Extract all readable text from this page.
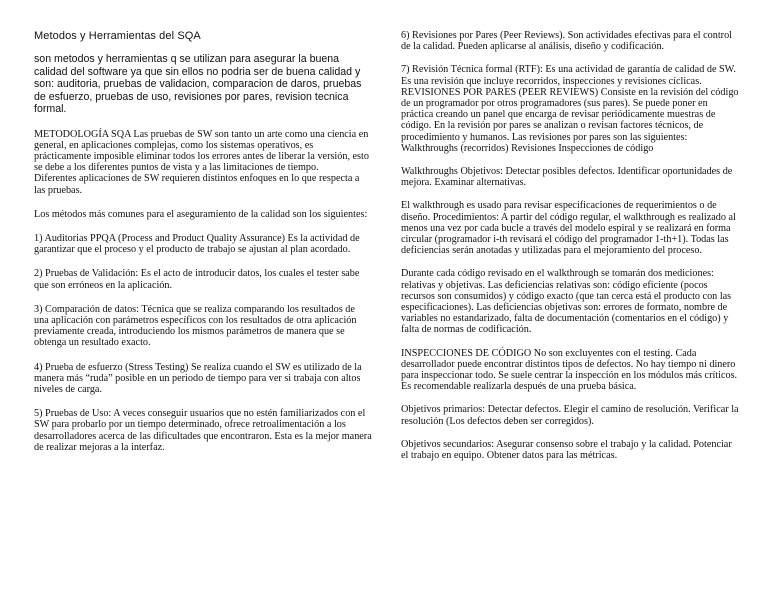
Metodos y Herramientas del SQA

son metodos y herramientas q se utilizan para asegurar la buena calidad del software ya que sin ellos no podria ser de buena calidad y son: auditoria, pruebas de validacion, comparacion de daros, pruebas de esfuerzo, pruebas de uso, revisiones por pares, revision tecnica formal.

METODOLOGÍA SQA Las pruebas de SW son tanto un arte como una ciencia en general, en aplicaciones complejas, como los sistemas operativos, es prácticamente imposible eliminar todos los errores antes de liberar la versión, esto se debe a los diferentes puntos de vista y a las limitaciones de tiempo.

Diferentes aplicaciones de SW requieren distintos enfoques en lo que respecta a las pruebas.

Los métodos más comunes para el aseguramiento de la calidad son los siguientes:

1) Auditorias PPQA (Process and Product Quality Assurance) Es la actividad de garantizar que el proceso y el producto de trabajo se ajustan al plan acordado.

2) Pruebas de Validación: Es el acto de introducir datos, los cuales el tester sabe que son erróneos en la aplicación.

3) Comparación de datos: Técnica que se realiza comparando los resultados de una aplicación con parámetros específicos con los resultados de otra aplicación previamente creada, introduciendo los mismos parámetros de manera que se obtenga un resultado exacto.

4) Prueba de esfuerzo (Stress Testing) Se realiza cuando el SW es utilizado de la manera más “ruda” posible en un periodo de tiempo para ver si trabaja con altos niveles de carga.

5) Pruebas de Uso: A veces conseguir usuarios que no estén familiarizados con el SW para probarlo por un tiempo determinado, ofrece retroalimentación a los desarrolladores acerca de las dificultades que encontraron. Esta es la mejor manera de realizar mejoras a la interfaz.

6) Revisiones por Pares (Peer Reviews). Son actividades efectivas para el control de la calidad. Pueden aplicarse al análisis, diseño y codificación.

7) Revisión Técnica formal (RTF): Es una actividad de garantía de calidad de SW. Es una revisión que incluye recorridos, inspecciones y revisiones cíclicas. REVISIONES POR PARES (PEER REVIEWS) Consiste en la revisión del código de un programador por otros programadores (sus pares). Se puede poner en práctica creando un panel que encarga de revisar periódicamente muestras de código. En la revisión por pares se analizan o revisan factores técnicos, de procedimiento y humanos. Las revisiones por pares son las siguientes: Walkthroughs (recorridos) Revisiones Inspecciones de código

Walkthroughs Objetivos: Detectar posibles defectos. Identificar oportunidades de mejora. Examinar alternativas.

El walkthrough es usado para revisar especificaciones de requerimientos o de diseño. Procedimientos: A partir del código regular, el walkthrough es realizado al menos una vez por cada bucle a través del modelo espiral y se realizará en forma circular (programador i-th revisará el código del programador 1-th+1). Todas las deficiencias serán anotadas y utilizadas para el mejoramiento del proceso.

Durante cada código revisado en el walkthrough se tomarán dos mediciones: relativas y objetivas. Las deficiencias relativas son: código eficiente (pocos recursos son consumidos) y código exacto (que tan cerca está el producto con las especificaciones). Las deficiencias objetivas son: errores de formato, nombre de variables no estandarizado, falta de documentación (comentarios en el código) y falta de normas de codificación.

INSPECCIONES DE CÓDIGO No son excluyentes con el testing. Cada desarrollador puede encontrar distintos tipos de defectos. No hay tiempo ni dinero para inspeccionar todo. Se suele centrar la inspección en los módulos más críticos. Es recomendable realizarla después de una prueba básica.

Objetivos primarios: Detectar defectos. Elegir el camino de resolución. Verificar la resolución (Los defectos deben ser corregidos).

Objetivos secundarios: Asegurar consenso sobre el trabajo y la calidad. Potenciar el trabajo en equipo. Obtener datos para las métricas.
